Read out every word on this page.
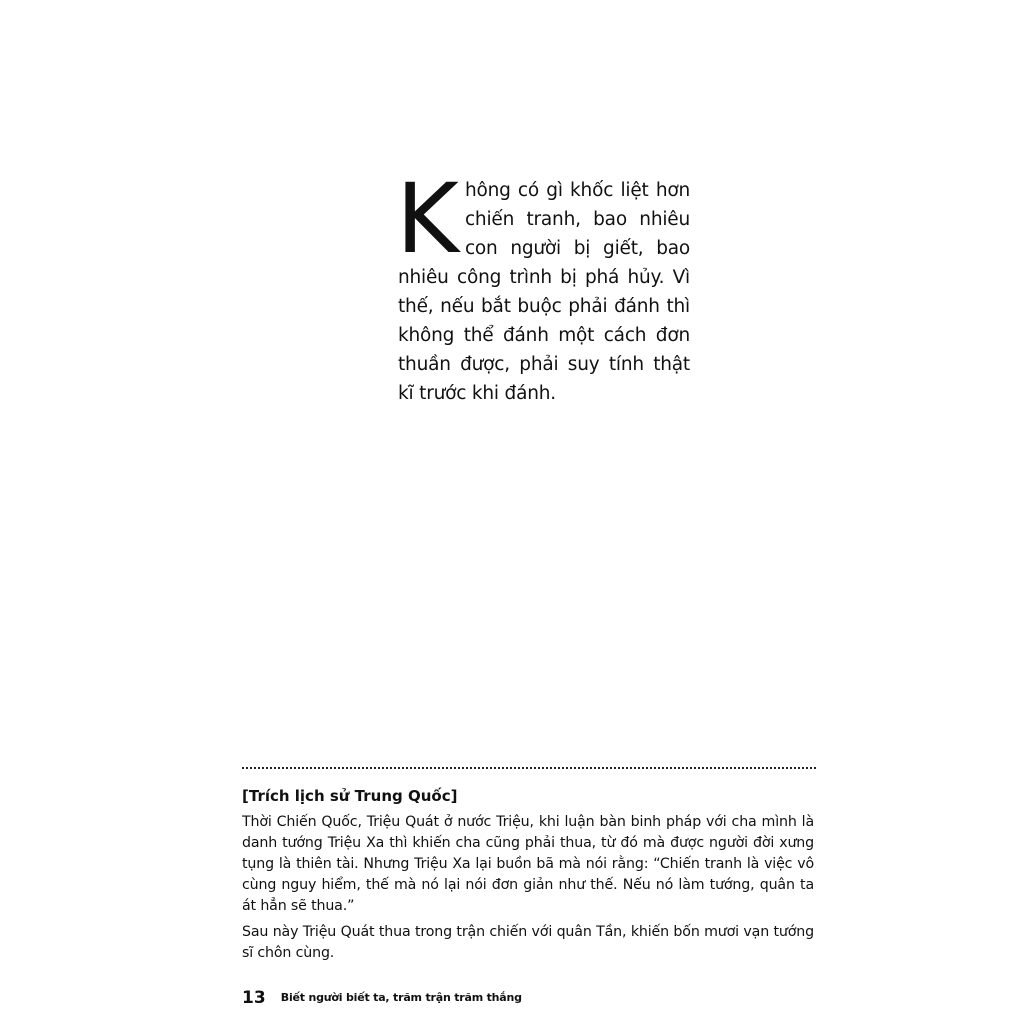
K hông có gì khốc liệt hơn chiến tranh, bao nhiêu con người bị giết, bao nhiêu công trình bị phá hủy. Vì thế, nếu bắt buộc phải đánh thì không thể đánh một cách đơn thuần được, phải suy tính thật kĩ trước khi đánh.

[Trích lịch sử Trung Quốc]

Thời Chiến Quốc, Triệu Quát ở nước Triệu, khi luận bàn binh pháp với cha mình là danh tướng Triệu Xa thì khiến cha cũng phải thua, từ đó mà được người đời xưng tụng là thiên tài. Nhưng Triệu Xa lại buồn bã mà nói rằng: “Chiến tranh là việc vô cùng nguy hiểm, thế mà nó lại nói đơn giản như thế. Nếu nó làm tướng, quân ta át hẳn sẽ thua.”

Sau này Triệu Quát thua trong trận chiến với quân Tần, khiến bốn mươi vạn tướng sĩ chôn cùng.

13 Biết người biết ta, trăm trận trăm thắng
